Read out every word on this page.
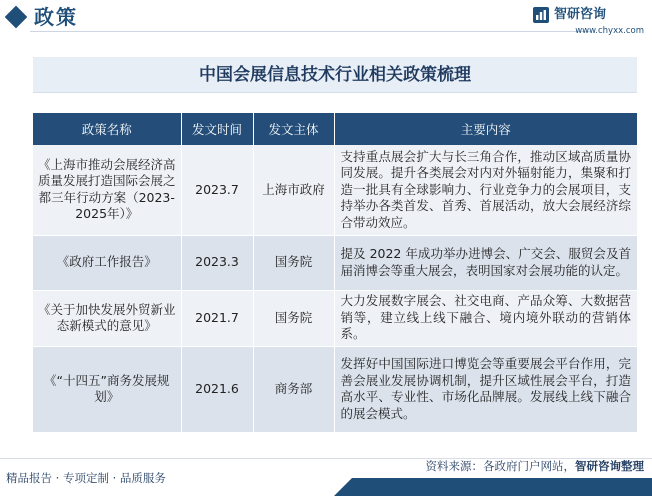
政策	智研咨询
www.chyxx.com
中国会展信息技术行业相关政策梳理
政策名称	发文时间	发文主体	主要内容
《上海市推动会展经济高质量发展打造国际会展之都三年行动方案（2023-2025年）》	2023.7	上海市政府	支持重点展会扩大与长三角合作，推动区域高质量协同发展。提升各类展会对内对外辐射能力，集聚和打造一批具有全球影响力、行业竞争力的会展项目，支持举办各类首发、首秀、首展活动，放大会展经济综合带动效应。
《政府工作报告》	2023.3	国务院	提及 2022 年成功举办进博会、广交会、服贸会及首届消博会等重大展会，表明国家对会展功能的认定。
《关于加快发展外贸新业态新模式的意见》	2021.7	国务院	大力发展数字展会、社交电商、产品众筹、大数据营销等，建立线上线下融合、境内境外联动的营销体系。
《“十四五”商务发展规划》	2021.6	商务部	发挥好中国国际进口博览会等重要展会平台作用，完善会展业发展协调机制，提升区域性展会平台，打造高水平、专业性、市场化品牌展。发展线上线下融合的展会模式。
精品报告 · 专项定制 · 品质服务
资料来源：各政府门户网站，智研咨询整理
